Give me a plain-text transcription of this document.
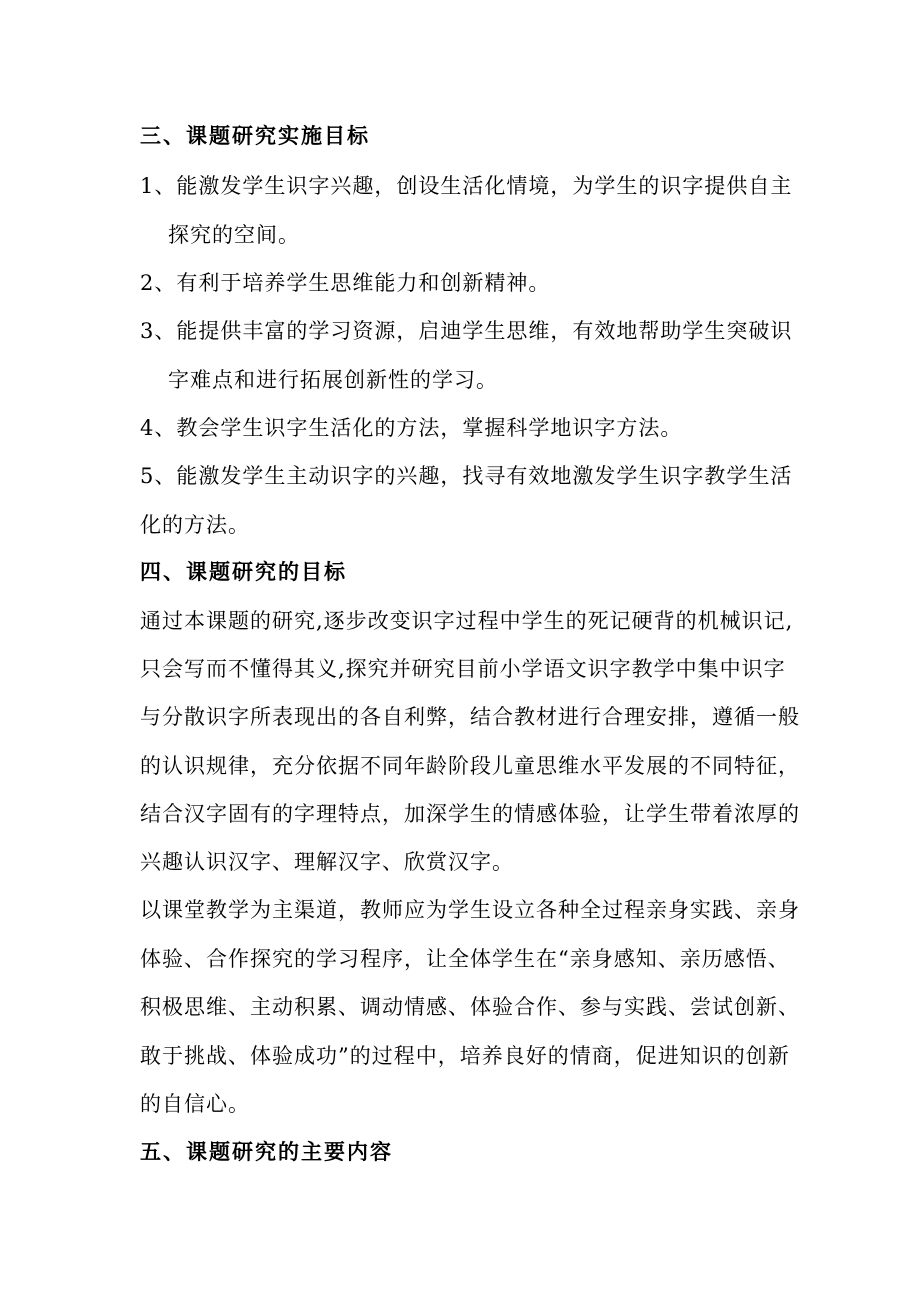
三、课题研究实施目标
1、能激发学生识字兴趣，创设生活化情境，为学生的识字提供自主
探究的空间。
2、有利于培养学生思维能力和创新精神。
3、能提供丰富的学习资源，启迪学生思维，有效地帮助学生突破识
字难点和进行拓展创新性的学习。
4、教会学生识字生活化的方法，掌握科学地识字方法。
5、能激发学生主动识字的兴趣，找寻有效地激发学生识字教学生活
化的方法。
四、课题研究的目标
通过本课题的研究,逐步改变识字过程中学生的死记硬背的机械识记,
只会写而不懂得其义,探究并研究目前小学语文识字教学中集中识字
与分散识字所表现出的各自利弊，结合教材进行合理安排，遵循一般
的认识规律，充分依据不同年龄阶段儿童思维水平发展的不同特征，
结合汉字固有的字理特点，加深学生的情感体验，让学生带着浓厚的
兴趣认识汉字、理解汉字、欣赏汉字。
以课堂教学为主渠道，教师应为学生设立各种全过程亲身实践、亲身
体验、合作探究的学习程序，让全体学生在“亲身感知、亲历感悟、
积极思维、主动积累、调动情感、体验合作、参与实践、尝试创新、
敢于挑战、体验成功”的过程中，培养良好的情商，促进知识的创新
的自信心。
五、课题研究的主要内容
